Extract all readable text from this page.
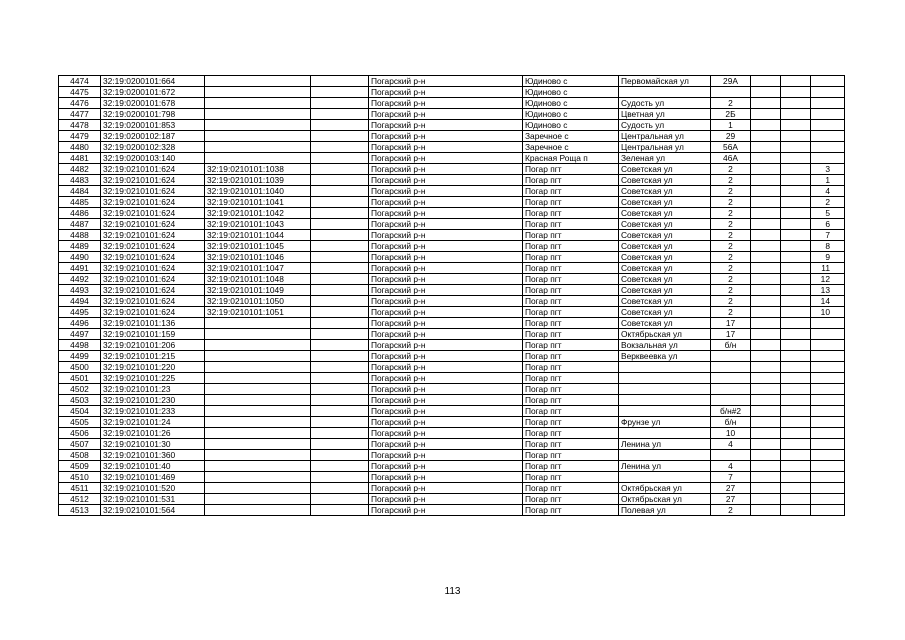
4474	32:19:0200101:664			Погарский р-н	Юдиново с	Первомайская ул	29А			
4475	32:19:0200101:672			Погарский р-н	Юдиново с					
4476	32:19:0200101:678			Погарский р-н	Юдиново с	Судость ул	2			
4477	32:19:0200101:798			Погарский р-н	Юдиново с	Цветная ул	2Б			
4478	32:19:0200101:853			Погарский р-н	Юдиново с	Судость ул	1			
4479	32:19:0200102:187			Погарский р-н	Заречное с	Центральная ул	29			
4480	32:19:0200102:328			Погарский р-н	Заречное с	Центральная ул	56А			
4481	32:19:0200103:140			Погарский р-н	Красная Роща п	Зеленая ул	46А			
4482	32:19:0210101:624	32:19:0210101:1038		Погарский р-н	Погар пгт	Советская ул	2			3
4483	32:19:0210101:624	32:19:0210101:1039		Погарский р-н	Погар пгт	Советская ул	2			1
4484	32:19:0210101:624	32:19:0210101:1040		Погарский р-н	Погар пгт	Советская ул	2			4
4485	32:19:0210101:624	32:19:0210101:1041		Погарский р-н	Погар пгт	Советская ул	2			2
4486	32:19:0210101:624	32:19:0210101:1042		Погарский р-н	Погар пгт	Советская ул	2			5
4487	32:19:0210101:624	32:19:0210101:1043		Погарский р-н	Погар пгт	Советская ул	2			6
4488	32:19:0210101:624	32:19:0210101:1044		Погарский р-н	Погар пгт	Советская ул	2			7
4489	32:19:0210101:624	32:19:0210101:1045		Погарский р-н	Погар пгт	Советская ул	2			8
4490	32:19:0210101:624	32:19:0210101:1046		Погарский р-н	Погар пгт	Советская ул	2			9
4491	32:19:0210101:624	32:19:0210101:1047		Погарский р-н	Погар пгт	Советская ул	2			11
4492	32:19:0210101:624	32:19:0210101:1048		Погарский р-н	Погар пгт	Советская ул	2			12
4493	32:19:0210101:624	32:19:0210101:1049		Погарский р-н	Погар пгт	Советская ул	2			13
4494	32:19:0210101:624	32:19:0210101:1050		Погарский р-н	Погар пгт	Советская ул	2			14
4495	32:19:0210101:624	32:19:0210101:1051		Погарский р-н	Погар пгт	Советская ул	2			10
4496	32:19:0210101:136			Погарский р-н	Погар пгт	Советская ул	17			
4497	32:19:0210101:159			Погарский р-н	Погар пгт	Октябрьская ул	17			
4498	32:19:0210101:206			Погарский р-н	Погар пгт	Вокзальная ул	б/н			
4499	32:19:0210101:215			Погарский р-н	Погар пгт	Верквеевка ул				
4500	32:19:0210101:220			Погарский р-н	Погар пгт					
4501	32:19:0210101:225			Погарский р-н	Погар пгт					
4502	32:19:0210101:23			Погарский р-н	Погар пгт					
4503	32:19:0210101:230			Погарский р-н	Погар пгт					
4504	32:19:0210101:233			Погарский р-н	Погар пгт		б/н#2			
4505	32:19:0210101:24			Погарский р-н	Погар пгт	Фрунзе ул	б/н			
4506	32:19:0210101:26			Погарский р-н	Погар пгт		10			
4507	32:19:0210101:30			Погарский р-н	Погар пгт	Ленина ул	4			
4508	32:19:0210101:360			Погарский р-н	Погар пгт					
4509	32:19:0210101:40			Погарский р-н	Погар пгт	Ленина ул	4			
4510	32:19:0210101:469			Погарский р-н	Погар пгт		7			
4511	32:19:0210101:520			Погарский р-н	Погар пгт	Октябрьская ул	27			
4512	32:19:0210101:531			Погарский р-н	Погар пгт	Октябрьская ул	27			
4513	32:19:0210101:564			Погарский р-н	Погар пгт	Полевая ул	2			
113
